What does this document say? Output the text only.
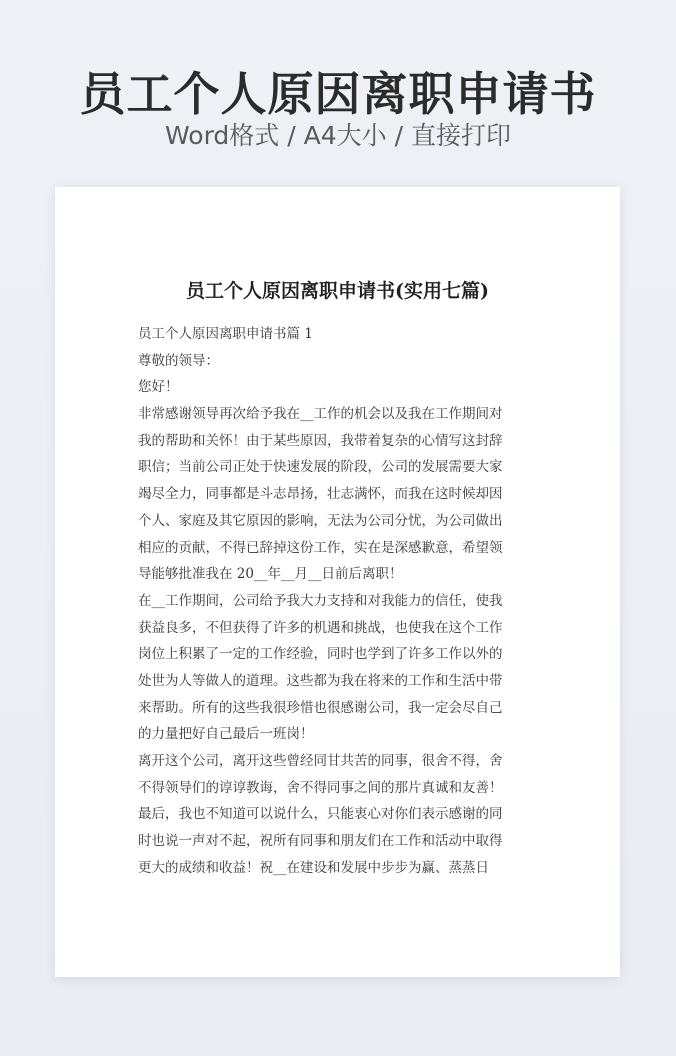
员工个人原因离职申请书
Word格式 / A4大小 / 直接打印
员工个人原因离职申请书(实用七篇)
员工个人原因离职申请书篇 1
尊敬的领导：
您好！
非常感谢领导再次给予我在__工作的机会以及我在工作期间对
我的帮助和关怀！由于某些原因，我带着复杂的心情写这封辞
职信；当前公司正处于快速发展的阶段，公司的发展需要大家
竭尽全力，同事都是斗志昂扬，壮志满怀，而我在这时候却因
个人、家庭及其它原因的影响，无法为公司分忧，为公司做出
相应的贡献，不得已辞掉这份工作，实在是深感歉意，希望领
导能够批准我在 20__年__月__日前后离职！
在__工作期间，公司给予我大力支持和对我能力的信任，使我
获益良多，不但获得了许多的机遇和挑战，也使我在这个工作
岗位上积累了一定的工作经验，同时也学到了许多工作以外的
处世为人等做人的道理。这些都为我在将来的工作和生活中带
来帮助。所有的这些我很珍惜也很感谢公司，我一定会尽自己
的力量把好自己最后一班岗！
离开这个公司，离开这些曾经同甘共苦的同事，很舍不得，舍
不得领导们的谆谆教诲，舍不得同事之间的那片真诚和友善！
最后，我也不知道可以说什么，只能衷心对你们表示感谢的同
时也说一声对不起，祝所有同事和朋友们在工作和活动中取得
更大的成绩和收益！祝__在建设和发展中步步为赢、蒸蒸日
